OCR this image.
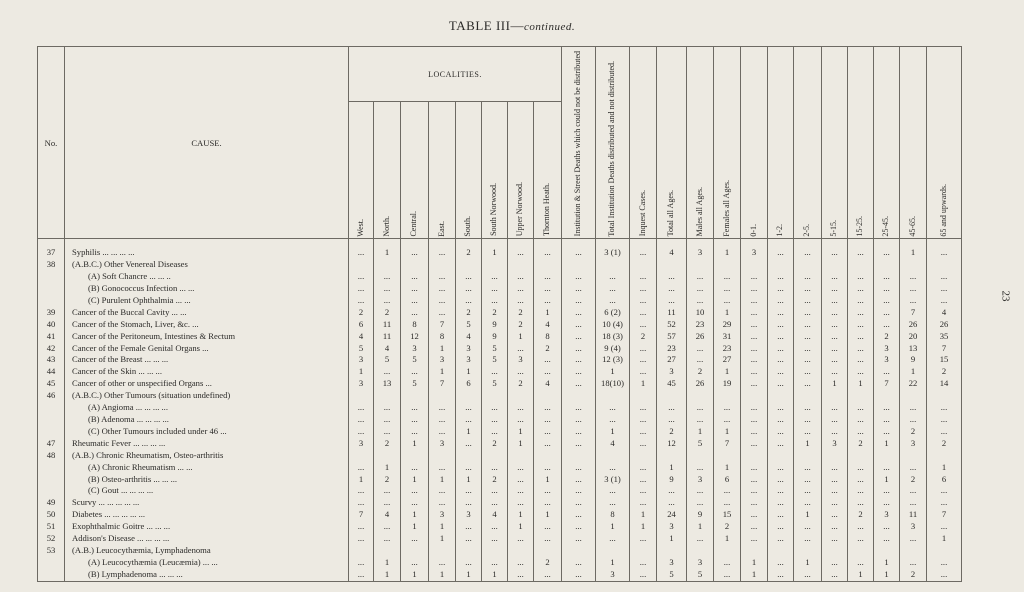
TABLE III—continued.
23
No.	CAUSE.	LOCALITIES.								Institution & Street Deaths which could not be distributed	Total Institution Deaths distributed and not distributed.	Inquest Cases.	Total all Ages.	Males all Ages.	Females all Ages.	0-1.	1-2.	2-5.	5-15.	15-25.	25-45.	45-65.	65 and upwards.
		West.	North.	Central.	East.	South.	South Norwood.	Upper Norwood.	Thornton Heath.														
37	Syphilis ... ... ... ...	...	1	...	...	2	1	...	...	...	3 (1)	...	4	3	1	3	...	...	...	...	...	1	...
38	(A.B.C.) Other Venereal Diseases																						
	(A) Soft Chancre ... ... ..	...	...	...	...	...	...	...	...	...	...	...	...	...	...	...	...	...	...	...	...	...	...
	(B) Gonococcus Infection ... ...	...	...	...	...	...	...	...	...	...	...	...	...	...	...	...	...	...	...	...	...	...	...
	(C) Purulent Ophthalmia ... ...	...	...	...	...	...	...	...	...	...	...	...	...	...	...	...	...	...	...	...	...	...	...
39	Cancer of the Buccal Cavity ... ...	2	2	...	...	2	2	2	1	...	6 (2)	...	11	10	1	...	...	...	...	...	...	7	4
40	Cancer of the Stomach, Liver, &c. ...	6	11	8	7	5	9	2	4	...	10 (4)	...	52	23	29	...	...	...	...	...	...	26	26
41	Cancer of the Peritoneum, Intestines & Rectum	4	11	12	8	4	9	1	8	...	18 (3)	2	57	26	31	...	...	...	...	...	2	20	35
42	Cancer of the Female Genital Organs ...	5	4	3	1	3	5	...	2	...	9 (4)	...	23	...	23	...	...	...	...	...	3	13	7
43	Cancer of the Breast ... ... ...	3	5	5	3	3	5	3	...	...	12 (3)	...	27	...	27	...	...	...	...	...	3	9	15
44	Cancer of the Skin ... ... ...	1	...	...	1	1	...	...	...	...	1	...	3	2	1	...	...	...	...	...	...	1	2
45	Cancer of other or unspecified Organs ...	3	13	5	7	6	5	2	4	...	18(10)	1	45	26	19	...	...	...	1	1	7	22	14
46	(A.B.C.) Other Tumours (situation undefined)																						
	(A) Angioma ... ... ... ...	...	...	...	...	...	...	...	...	...	...	...	...	...	...	...	...	...	...	...	...	...	...
	(B) Adenoma ... ... ... ...	...	...	...	...	...	...	...	...	...	...	...	...	...	...	...	...	...	...	...	...	...	...
	(C) Other Tumours included under 46 ...	...	...	...	...	1	...	1	...	...	1	...	2	1	1	...	...	...	...	...	...	2	...
47	Rheumatic Fever ... ... ... ...	3	2	1	3	...	2	1	...	...	4	...	12	5	7	...	...	1	3	2	1	3	2
48	(A.B.) Chronic Rheumatism, Osteo-arthritis																						
	(A) Chronic Rheumatism ... ...	...	1	...	...	...	...	...	...	...	...	...	1	...	1	...	...	...	...	...	...	...	1
	(B) Osteo-arthritis ... ... ...	1	2	1	1	1	2	...	1	...	3 (1)	...	9	3	6	...	...	...	...	...	1	2	6
	(C) Gout ... ... ... ...	...	...	...	...	...	...	...	...	...	...	...	...	...	...	...	...	...	...	...	...	...	...
49	Scurvy ... ... ... ... ...	...	...	...	...	...	...	...	...	...	...	...	...	...	...	...	...	...	...	...	...	...	...
50	Diabetes ... ... ... ... ...	7	4	1	3	3	4	1	1	...	8	1	24	9	15	...	...	1	...	2	3	11	7
51	Exophthalmic Goitre ... ... ...	...	...	1	1	...	...	1	...	...	1	1	3	1	2	...	...	...	...	...	...	3	...
52	Addison's Disease ... ... ... ...	...	...	...	1	...	...	...	...	...	...	...	1	...	1	...	...	...	...	...	...	...	1
53	(A.B.) Leucocythæmia, Lymphadenoma																						
	(A) Leucocythæmia (Leucæmia) ... ...	...	1	...	...	...	...	...	2	...	1	...	3	3	...	1	...	1	...	...	1	...	...
	(B) Lymphadenoma ... ... ...	...	1	1	1	1	1	...	...	...	3	...	5	5	...	1	...	...	...	1	1	2	...
